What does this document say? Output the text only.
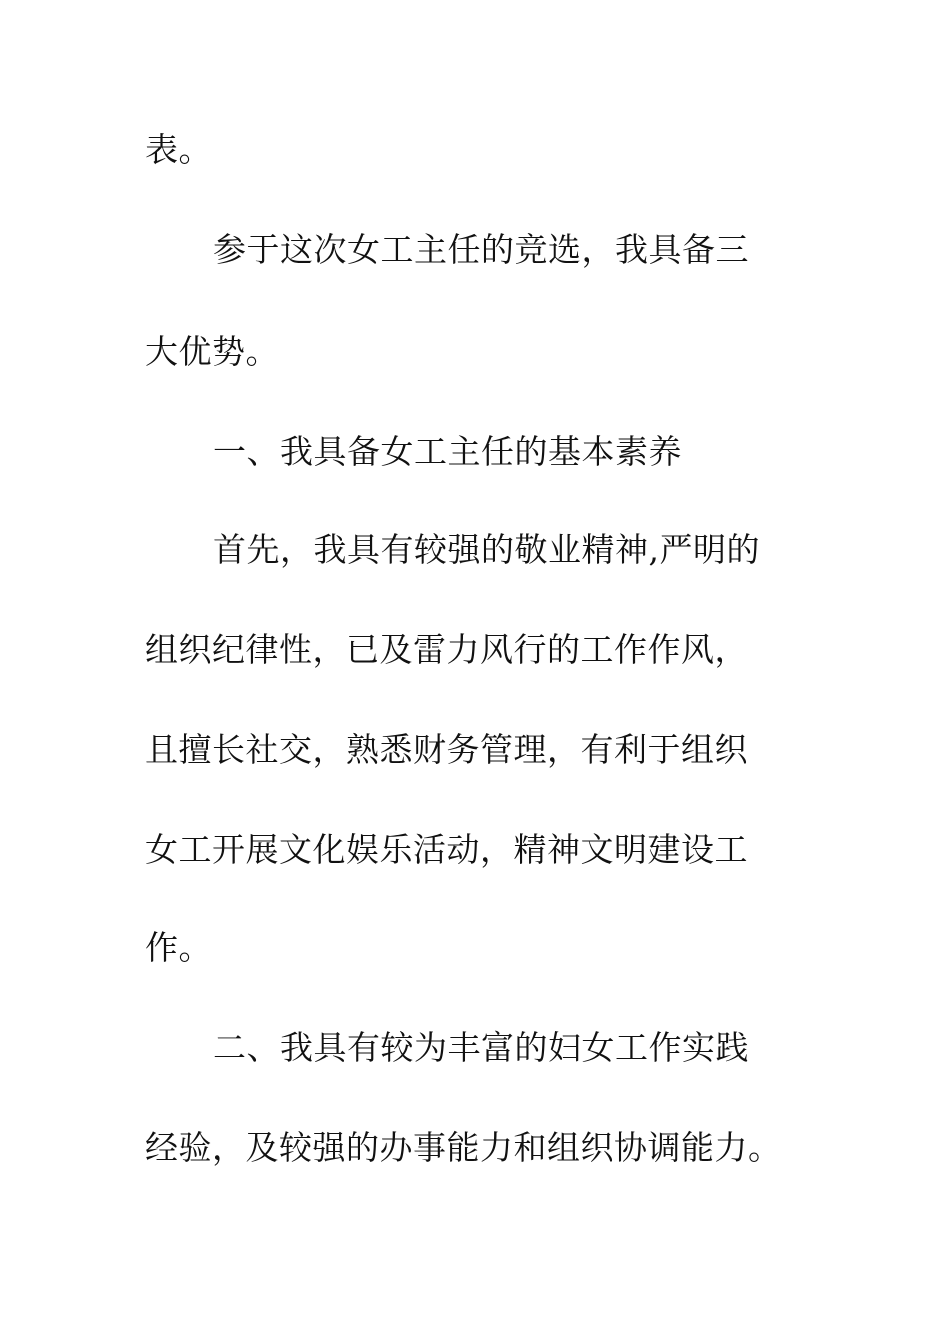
表。
参于这次女工主任的竞选，我具备三
大优势。
一、我具备女工主任的基本素养
首先，我具有较强的敬业精神,严明的
组织纪律性，已及雷力风行的工作作风，
且擅长社交，熟悉财务管理，有利于组织
女工开展文化娱乐活动，精神文明建设工
作。
二、我具有较为丰富的妇女工作实践
经验，及较强的办事能力和组织协调能力。
